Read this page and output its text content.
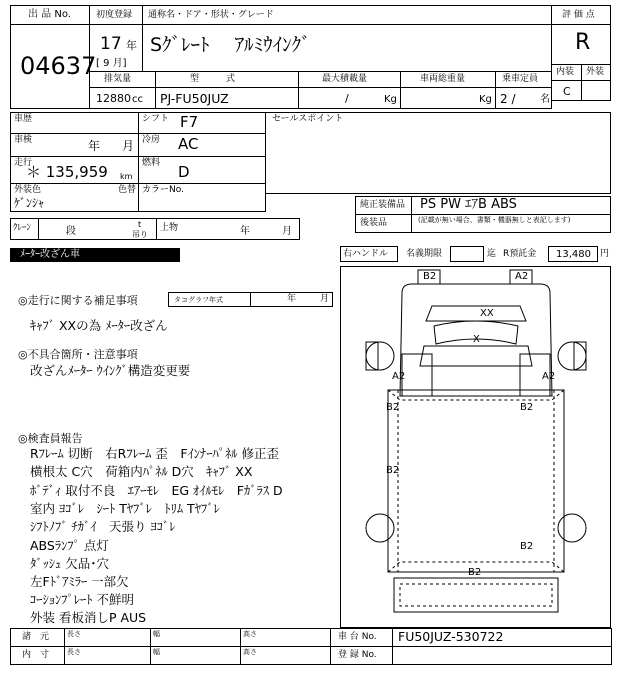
出 品 No.
04637
初度登録 通称名・ドア・形状・グレード
17 年
[ 9 月]
Sｸﾞﾚｰﾄ　 ｱﾙﾐｳｲﾝｸﾞ
評 価 点
R
内装 外装
C
排気量	型　　　式	最大積載量	車両総重量	乗車定員
12880 cc PJ-FU50JUZ	/	Kg	Kg 2 / 名
車歴	シフト F7
車検	年 月 冷房 AC
走行
＊ 135,959 km
燃料 D
外装色
ｹﾞﾝｼｬ
色替 カラーNo.
セールスポイント
純正装備品 PS PW ｴｱB ABS
後装品	(記載が無い場合、書類・機器無しと表記します)
ｸﾚｰﾝ	段
t
吊り
上物	年	月
ﾒｰﾀｰ改ざん車	右ハンドル 名義期限	迄 R預託金 13,480 円
◎走行に関する補足事項	タコグラフ年式	年	月
ｷｬﾌﾞ XXの為 ﾒｰﾀｰ改ざん
◎不具合箇所・注意事項
改ざんﾒｰﾀｰ ｳｲﾝｸﾞ構造変更要
◎検査員報告
Rﾌﾚｰﾑ 切断　右Rﾌﾚｰﾑ 歪　Fｲﾝﾅｰﾊﾟﾈﾙ 修正歪
横根太 C穴　荷箱内ﾊﾟﾈﾙ D穴　ｷｬﾌﾞ XX
ﾎﾞﾃﾞｨ 取付不良　ｴｱｰﾓﾚ　EG ｵｲﾙﾓﾚ　Fｶﾞﾗｽ D
室内 ﾖｺﾞﾚ　ｼｰﾄ Tﾔﾌﾞﾚ　ﾄﾘﾑ Tﾔﾌﾞﾚ
ｼﾌﾄﾉﾌﾞ ﾁｶﾞｲ　天張り ﾖｺﾞﾚ
ABSﾗﾝﾌﾟ 点灯
ﾀﾞｯｼｭ 欠品･穴
左Fﾄﾞｱﾐﾗｰ 一部欠
ｺｰｼｮﾝﾌﾟﾚｰﾄ 不鮮明
外装 看板消しP AUS
B2	A2
XX
X
A2	A2
B2
B2
B2
B2
B2
諸　元
内　寸
長さ	幅	高さ
長さ	幅	高さ
車 台 No. FU50JUZ-530722
登 録 No.
